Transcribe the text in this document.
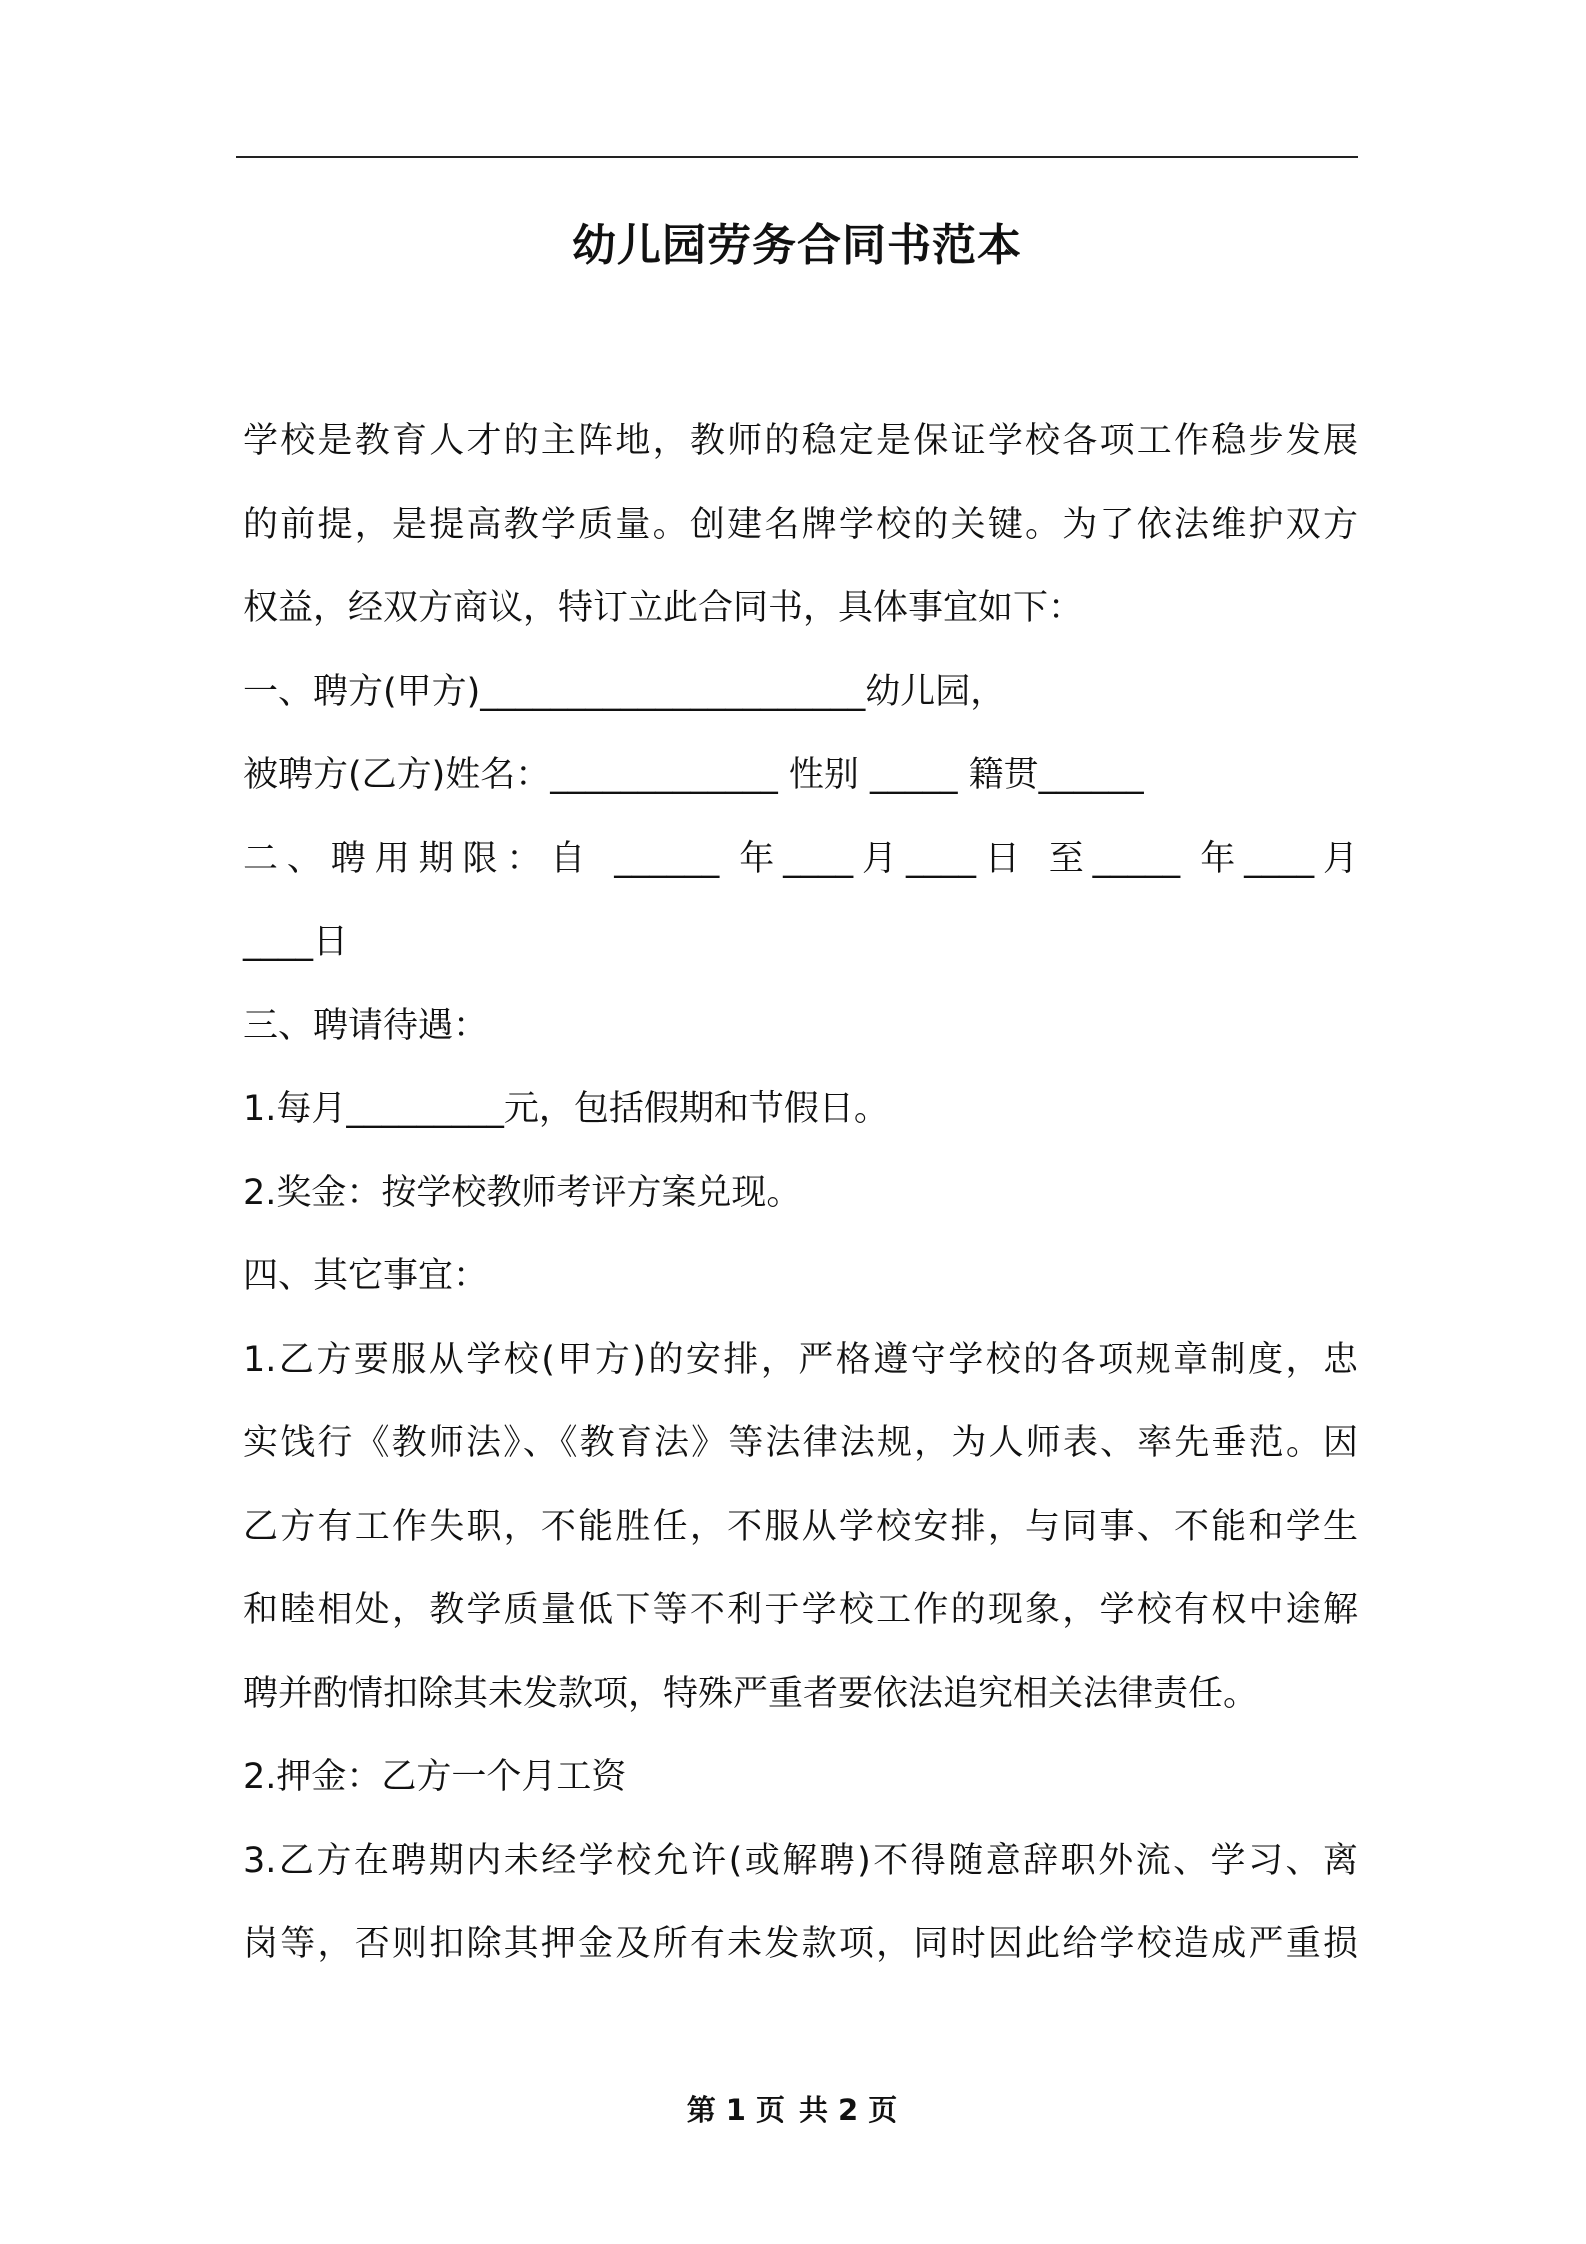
幼儿园劳务合同书范本
学校是教育人才的主阵地，教师的稳定是保证学校各项工作稳步发展
的前提，是提高教学质量。创建名牌学校的关键。为了依法维护双方
权益，经双方商议，特订立此合同书，具体事宜如下：
一、聘方(甲方)______________________幼儿园，
被聘方(乙方)姓名：_____________ 性别 _____ 籍贯______
二、聘用期限：自 ______ 年____月____日 至_____ 年____月
____日
三、聘请待遇：
1.每月_________元，包括假期和节假日。
2.奖金：按学校教师考评方案兑现。
四、其它事宜：
1.乙方要服从学校(甲方)的安排，严格遵守学校的各项规章制度，忠
实饯行《教师法》、《教育法》等法律法规，为人师表、率先垂范。因
乙方有工作失职，不能胜任，不服从学校安排，与同事、不能和学生
和睦相处，教学质量低下等不利于学校工作的现象，学校有权中途解
聘并酌情扣除其未发款项，特殊严重者要依法追究相关法律责任。
2.押金：乙方一个月工资
3.乙方在聘期内未经学校允许(或解聘)不得随意辞职外流、学习、离
岗等，否则扣除其押金及所有未发款项，同时因此给学校造成严重损
第 1 页 共 2 页
